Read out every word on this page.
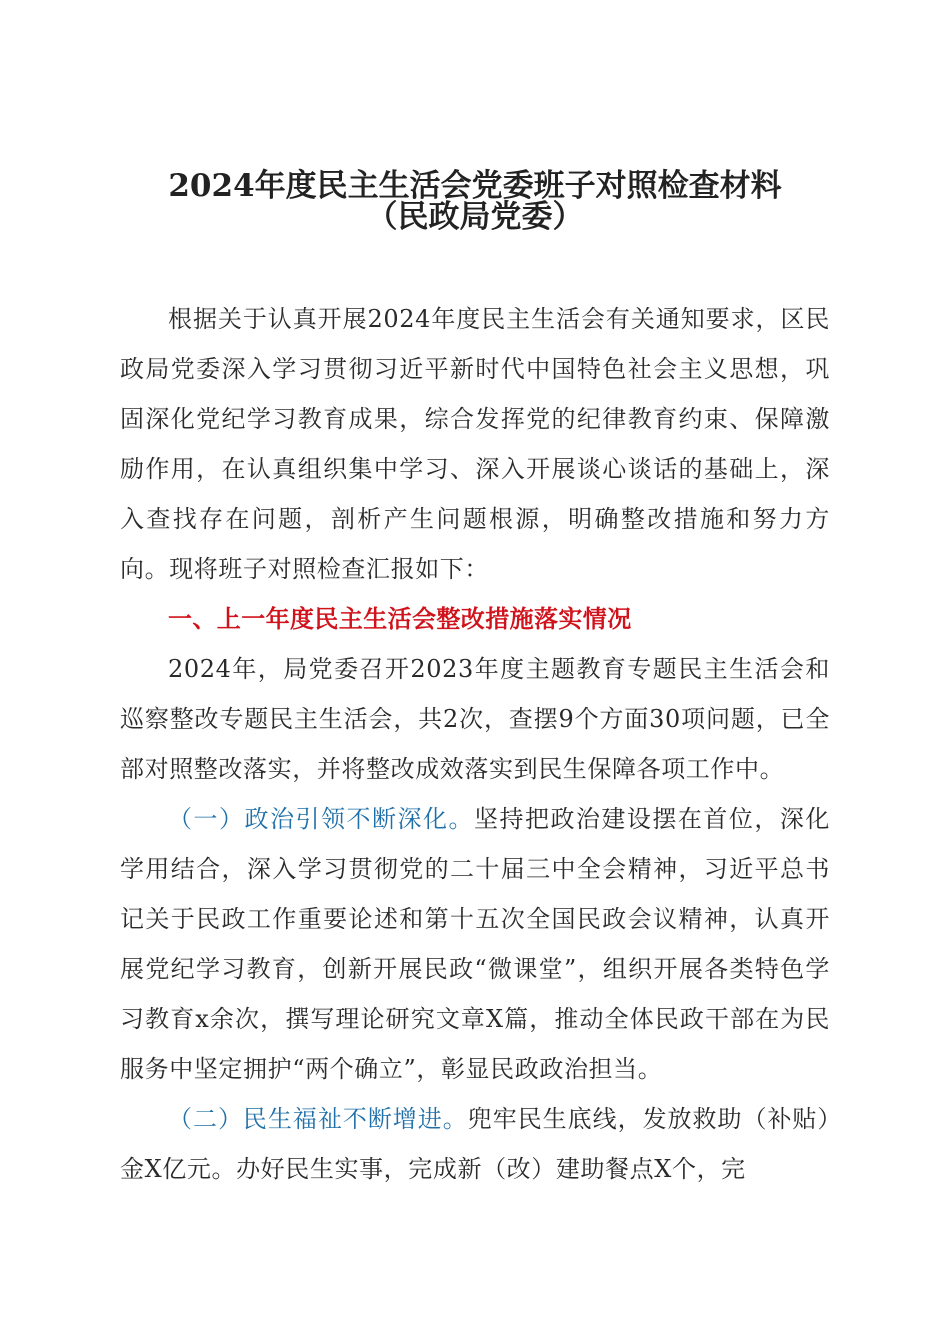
2024年度民主生活会党委班子对照检查材料
（民政局党委）

根据关于认真开展2024年度民主生活会有关通知要求，区民政局党委深入学习贯彻习近平新时代中国特色社会主义思想，巩固深化党纪学习教育成果，综合发挥党的纪律教育约束、保障激励作用，在认真组织集中学习、深入开展谈心谈话的基础上，深入查找存在问题，剖析产生问题根源，明确整改措施和努力方向。现将班子对照检查汇报如下：

一、上一年度民主生活会整改措施落实情况

2024年，局党委召开2023年度主题教育专题民主生活会和巡察整改专题民主生活会，共2次，查摆9个方面30项问题，已全部对照整改落实，并将整改成效落实到民生保障各项工作中。

（一）政治引领不断深化。坚持把政治建设摆在首位，深化学用结合，深入学习贯彻党的二十届三中全会精神，习近平总书记关于民政工作重要论述和第十五次全国民政会议精神，认真开展党纪学习教育，创新开展民政“微课堂”，组织开展各类特色学习教育x余次，撰写理论研究文章X篇，推动全体民政干部在为民服务中坚定拥护“两个确立”，彰显民政政治担当。

（二）民生福祉不断增进。兜牢民生底线，发放救助（补贴）金X亿元。办好民生实事，完成新（改）建助餐点X个，完
